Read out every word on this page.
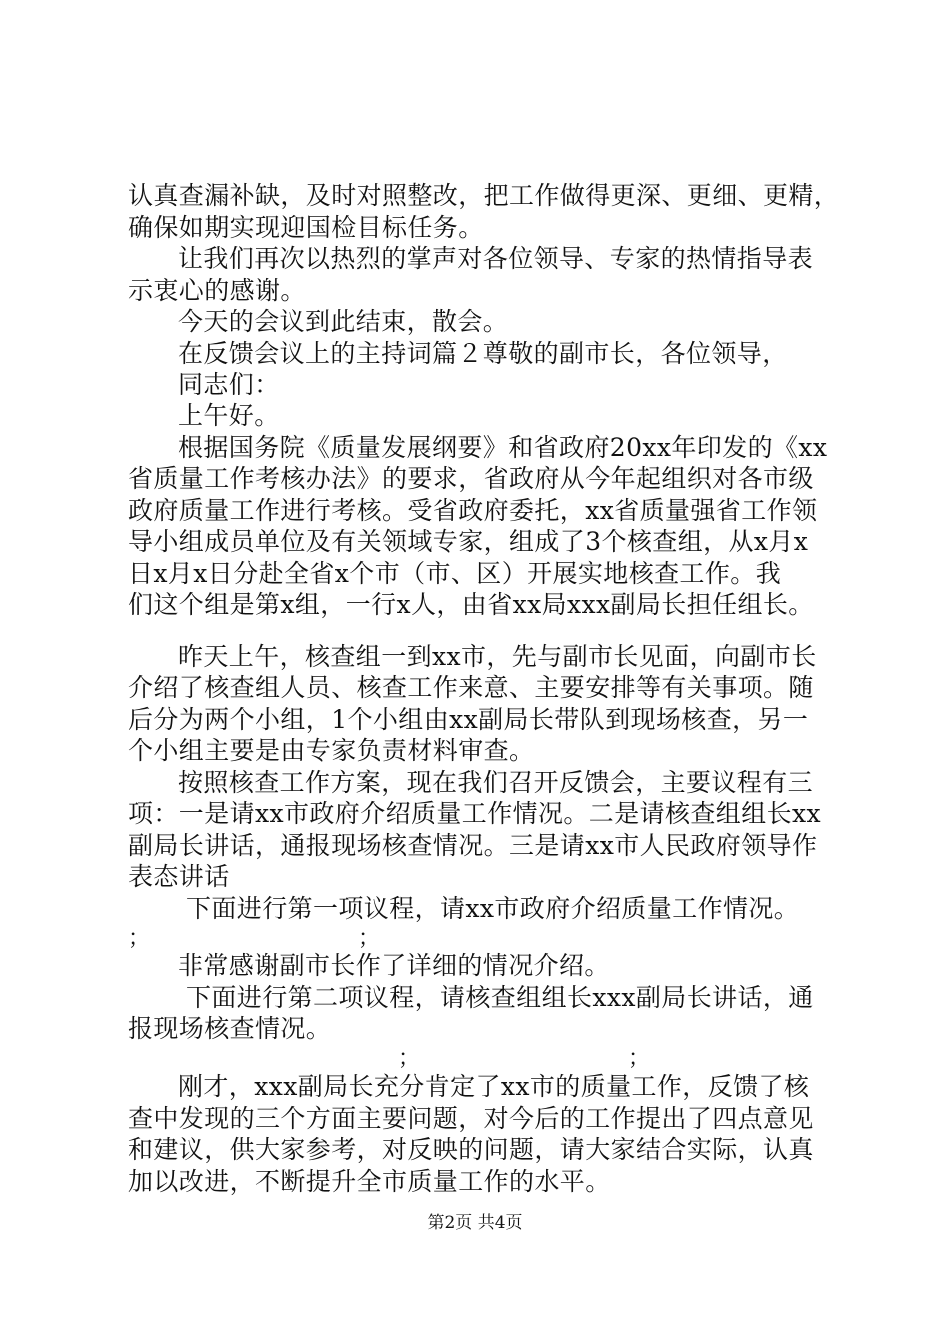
认真查漏补缺，及时对照整改，把工作做得更深、更细、更精，
确保如期实现迎国检目标任务。
让我们再次以热烈的掌声对各位领导、专家的热情指导表
示衷心的感谢。
今天的会议到此结束，散会。
在反馈会议上的主持词篇２尊敬的副市长，各位领导，
同志们：
上午好。
根据国务院《质量发展纲要》和省政府20xx年印发的《xx
省质量工作考核办法》的要求，省政府从今年起组织对各市级
政府质量工作进行考核。受省政府委托，xx省质量强省工作领
导小组成员单位及有关领域专家，组成了3个核查组，从x月x
日x月x日分赴全省x个市（市、区）开展实地核查工作。我
们这个组是第x组，一行x人，由省xx局xxx副局长担任组长。
昨天上午，核查组一到xx市，先与副市长见面，向副市长
介绍了核查组人员、核查工作来意、主要安排等有关事项。随
后分为两个小组，1个小组由xx副局长带队到现场核查，另一
个小组主要是由专家负责材料审查。
按照核查工作方案，现在我们召开反馈会，主要议程有三
项：一是请xx市政府介绍质量工作情况。二是请核查组组长xx
副局长讲话，通报现场核查情况。三是请xx市人民政府领导作
表态讲话
下面进行第一项议程，请xx市政府介绍质量工作情况。
；	；
非常感谢副市长作了详细的情况介绍。
下面进行第二项议程，请核查组组长xxx副局长讲话，通
报现场核查情况。
；	；
刚才，xxx副局长充分肯定了xx市的质量工作，反馈了核
查中发现的三个方面主要问题，对今后的工作提出了四点意见
和建议，供大家参考，对反映的问题，请大家结合实际，认真
加以改进，不断提升全市质量工作的水平。
第2页 共4页
